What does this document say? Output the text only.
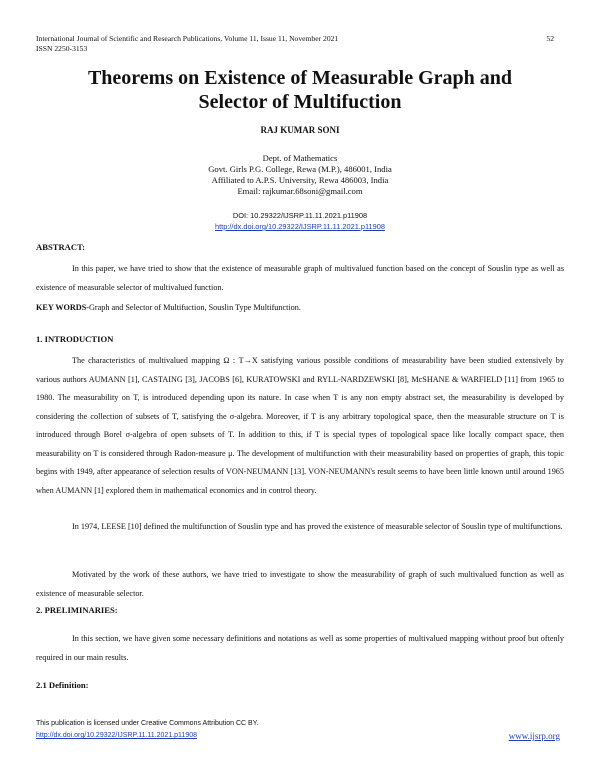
International Journal of Scientific and Research Publications, Volume 11, Issue 11, November 2021
ISSN 2250-3153
52
Theorems on Existence of Measurable Graph and
Selector of Multifuction
RAJ KUMAR SONI
Dept. of Mathematics
Govt. Girls P.G. College, Rewa (M.P.), 486001, India
Affiliated to A.P.S. University, Rewa 486003, India
Email: rajkumar.68soni@gmail.com
DOI: 10.29322/IJSRP.11.11.2021.p11908
http://dx.doi.org/10.29322/IJSRP.11.11.2021.p11908
ABSTRACT:
In this paper, we have tried to show that the existence of measurable graph of multivalued function based on the concept of Souslin type as well as existence of measurable selector of multivalued function.
KEY WORDS-Graph and Selector of Multifuction, Souslin Type Multifunction.
1. INTRODUCTION
The characteristics of multivalued mapping Ω : T→X satisfying various possible conditions of measurability have been studied extensively by various authors AUMANN [1], CASTAING [3], JACOBS [6], KURATOWSKI and RYLL-NARDZEWSKI [8], McSHANE & WARFIELD [11] from 1965 to 1980. The measurability on T, is introduced depending upon its nature. In case when T is any non empty abstract set, the measurability is developed by considering the collection of subsets of T, satisfying the σ-algebra. Moreover, if T is any arbitrary topological space, then the measurable structure on T is introduced through Borel σ-algebra of open subsets of T. In addition to this, if T is special types of topological space like locally compact space, then measurability on T is considered through Radon-measure μ. The development of multifunction with their measurability based on properties of graph, this topic begins with 1949, after appearance of selection results of VON-NEUMANN [13]. VON-NEUMANN's result seems to have been little known until around 1965 when AUMANN [1] explored them in mathematical economics and in control theory.
In 1974, LEESE [10] defined the multifunction of Souslin type and has proved the existence of measurable selector of Souslin type of multifunctions.
Motivated by the work of these authors, we have tried to investigate to show the measurability of graph of such multivalued function as well as existence of measurable selector.
2. PRELIMINARIES:
In this section, we have given some necessary definitions and notations as well as some properties of multivalued mapping without proof but oftenly required in our main results.
2.1 Definition:
This publication is licensed under Creative Commons Attribution CC BY.
http://dx.doi.org/10.29322/IJSRP.11.11.2021.p11908	www.ijsrp.org
